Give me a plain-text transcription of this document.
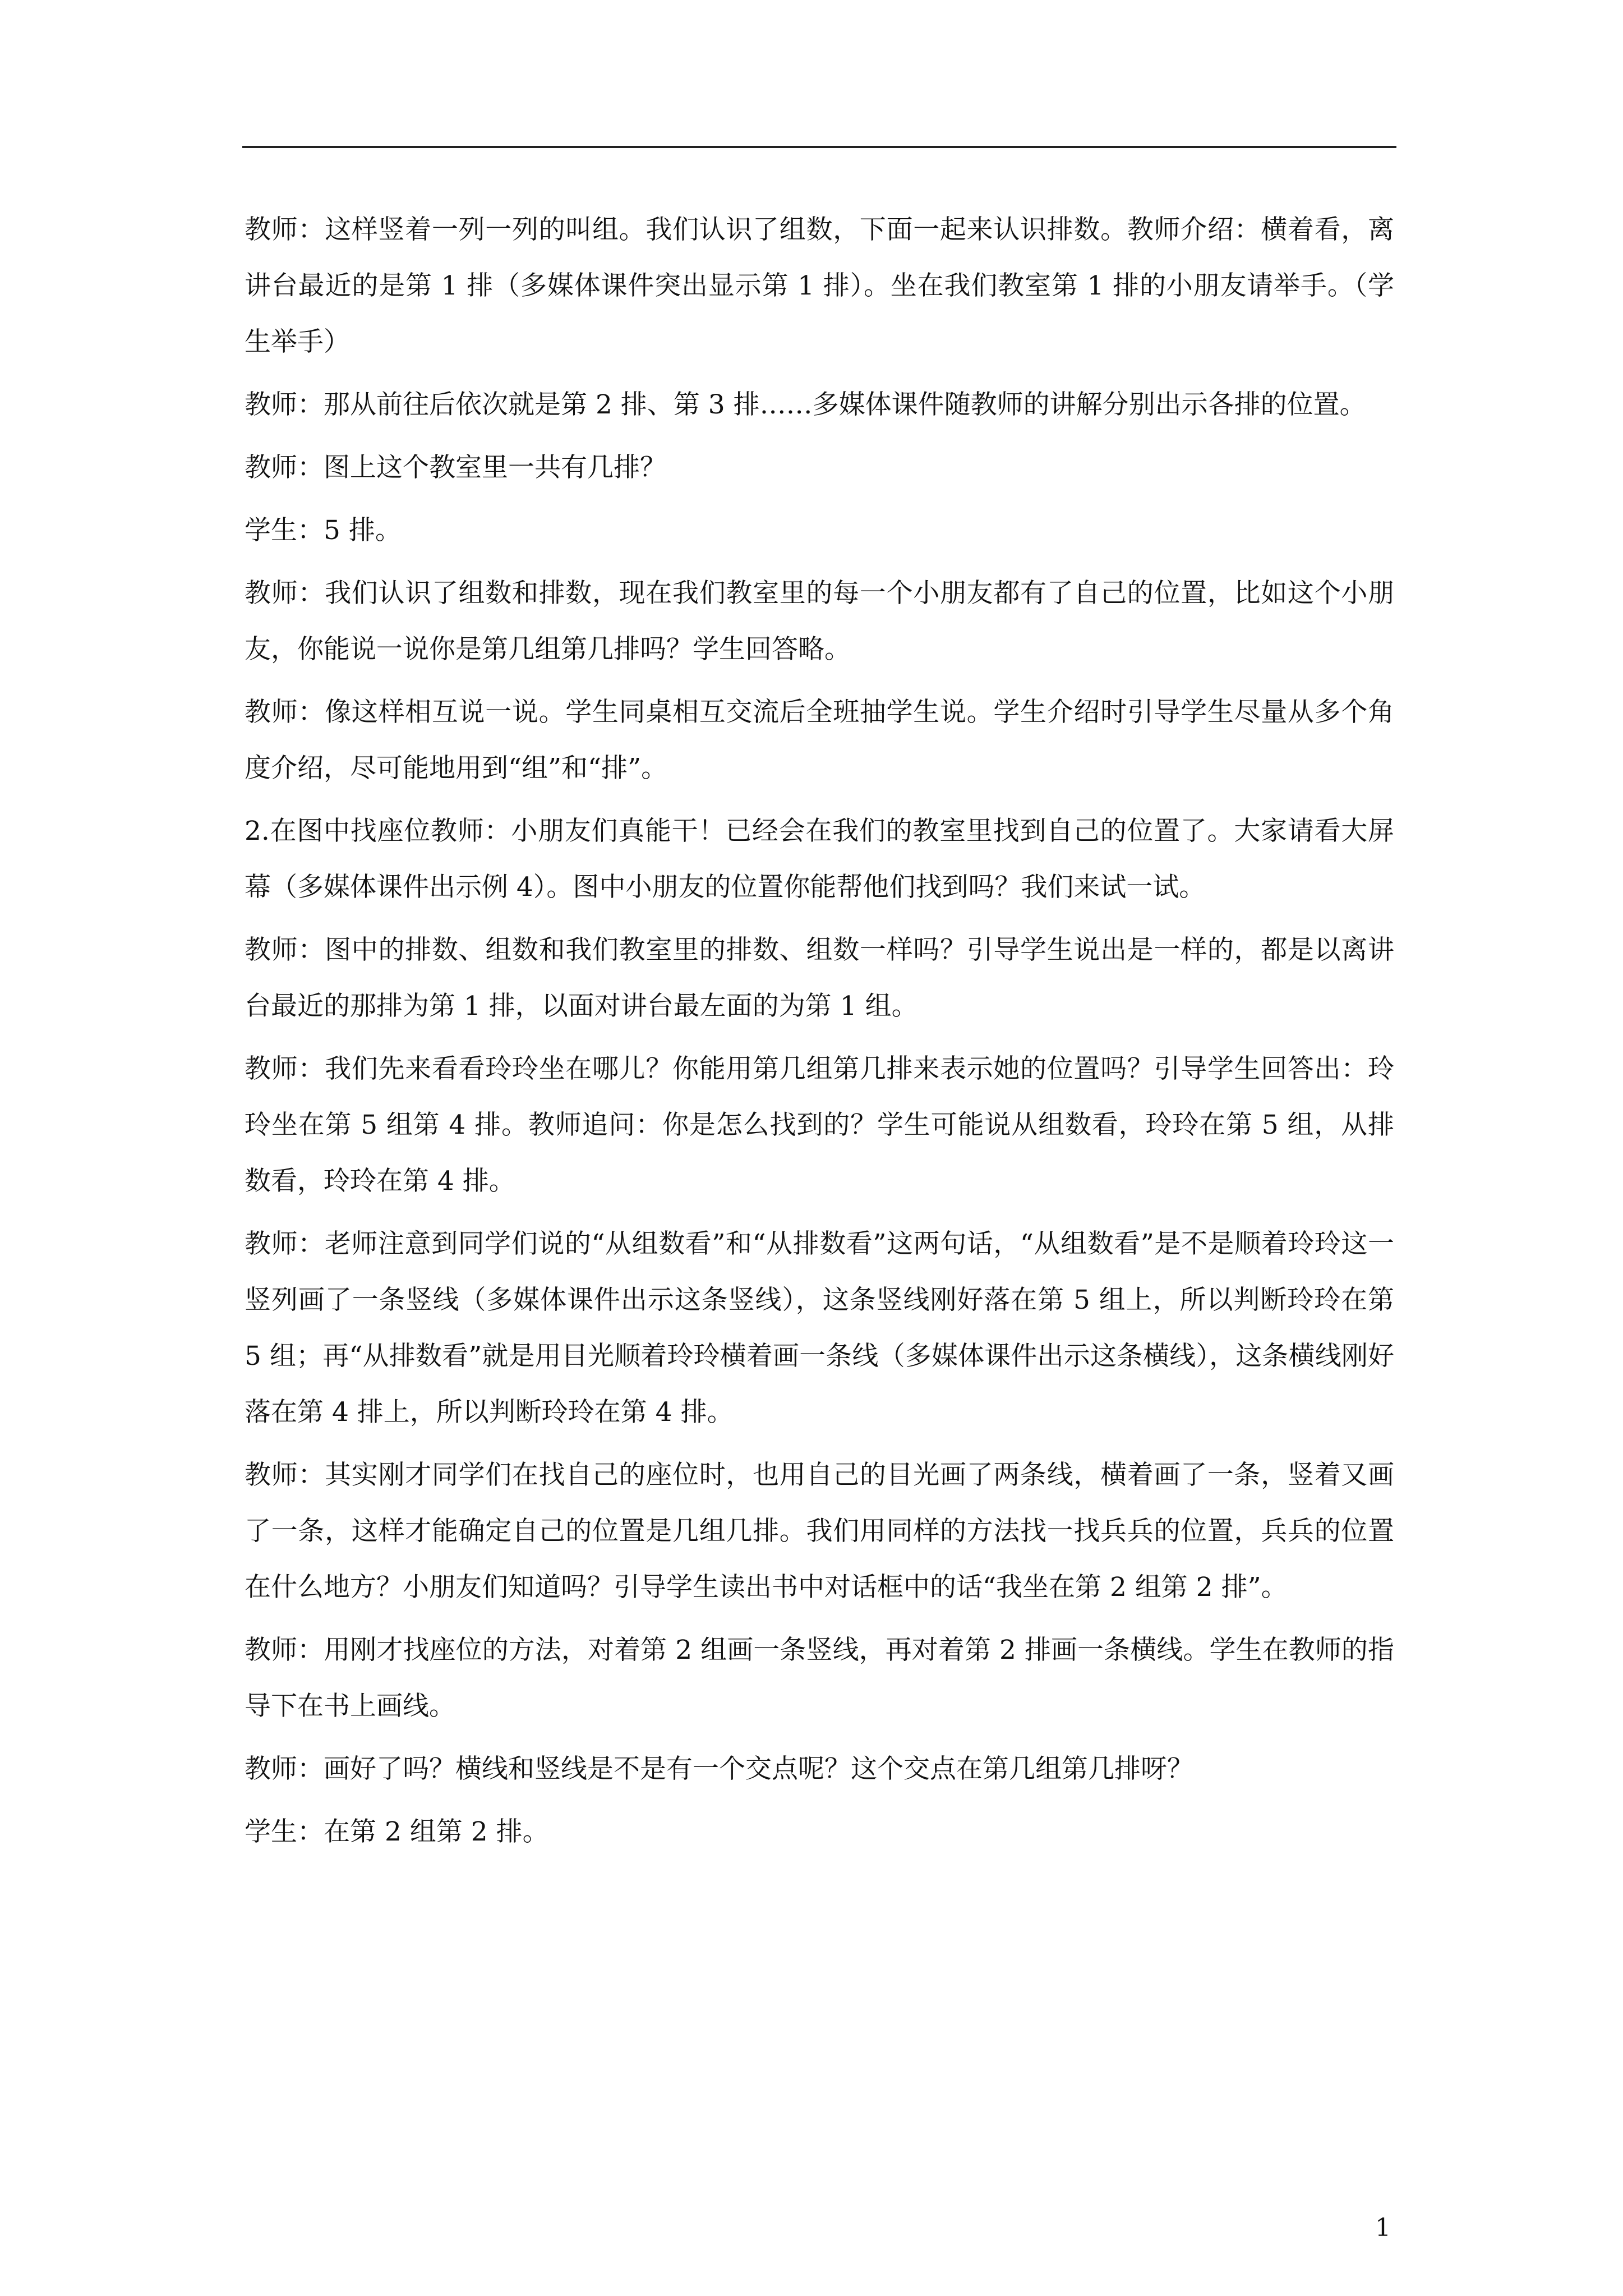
教师：这样竖着一列一列的叫组。我们认识了组数，下面一起来认识排数。教师介绍：横着看，离讲台最近的是第 1 排（多媒体课件突出显示第 1 排）。坐在我们教室第 1 排的小朋友请举手。（学生举手）

教师：那从前往后依次就是第 2 排、第 3 排……多媒体课件随教师的讲解分别出示各排的位置。

教师：图上这个教室里一共有几排？

学生：5 排。

教师：我们认识了组数和排数，现在我们教室里的每一个小朋友都有了自己的位置，比如这个小朋友，你能说一说你是第几组第几排吗？学生回答略。

教师：像这样相互说一说。学生同桌相互交流后全班抽学生说。学生介绍时引导学生尽量从多个角度介绍，尽可能地用到“组”和“排”。

2.在图中找座位教师：小朋友们真能干！已经会在我们的教室里找到自己的位置了。大家请看大屏幕（多媒体课件出示例 4）。图中小朋友的位置你能帮他们找到吗？我们来试一试。

教师：图中的排数、组数和我们教室里的排数、组数一样吗？引导学生说出是一样的，都是以离讲台最近的那排为第 1 排，以面对讲台最左面的为第 1 组。

教师：我们先来看看玲玲坐在哪儿？你能用第几组第几排来表示她的位置吗？引导学生回答出：玲玲坐在第 5 组第 4 排。教师追问：你是怎么找到的？学生可能说从组数看，玲玲在第 5 组，从排数看，玲玲在第 4 排。

教师：老师注意到同学们说的“从组数看”和“从排数看”这两句话，“从组数看”是不是顺着玲玲这一竖列画了一条竖线（多媒体课件出示这条竖线），这条竖线刚好落在第 5 组上，所以判断玲玲在第 5 组；再“从排数看”就是用目光顺着玲玲横着画一条线（多媒体课件出示这条横线），这条横线刚好落在第 4 排上，所以判断玲玲在第 4 排。

教师：其实刚才同学们在找自己的座位时，也用自己的目光画了两条线，横着画了一条，竖着又画了一条，这样才能确定自己的位置是几组几排。我们用同样的方法找一找兵兵的位置，兵兵的位置在什么地方？小朋友们知道吗？引导学生读出书中对话框中的话“我坐在第 2 组第 2 排”。

教师：用刚才找座位的方法，对着第 2 组画一条竖线，再对着第 2 排画一条横线。学生在教师的指导下在书上画线。

教师：画好了吗？横线和竖线是不是有一个交点呢？这个交点在第几组第几排呀？

学生：在第 2 组第 2 排。

1
